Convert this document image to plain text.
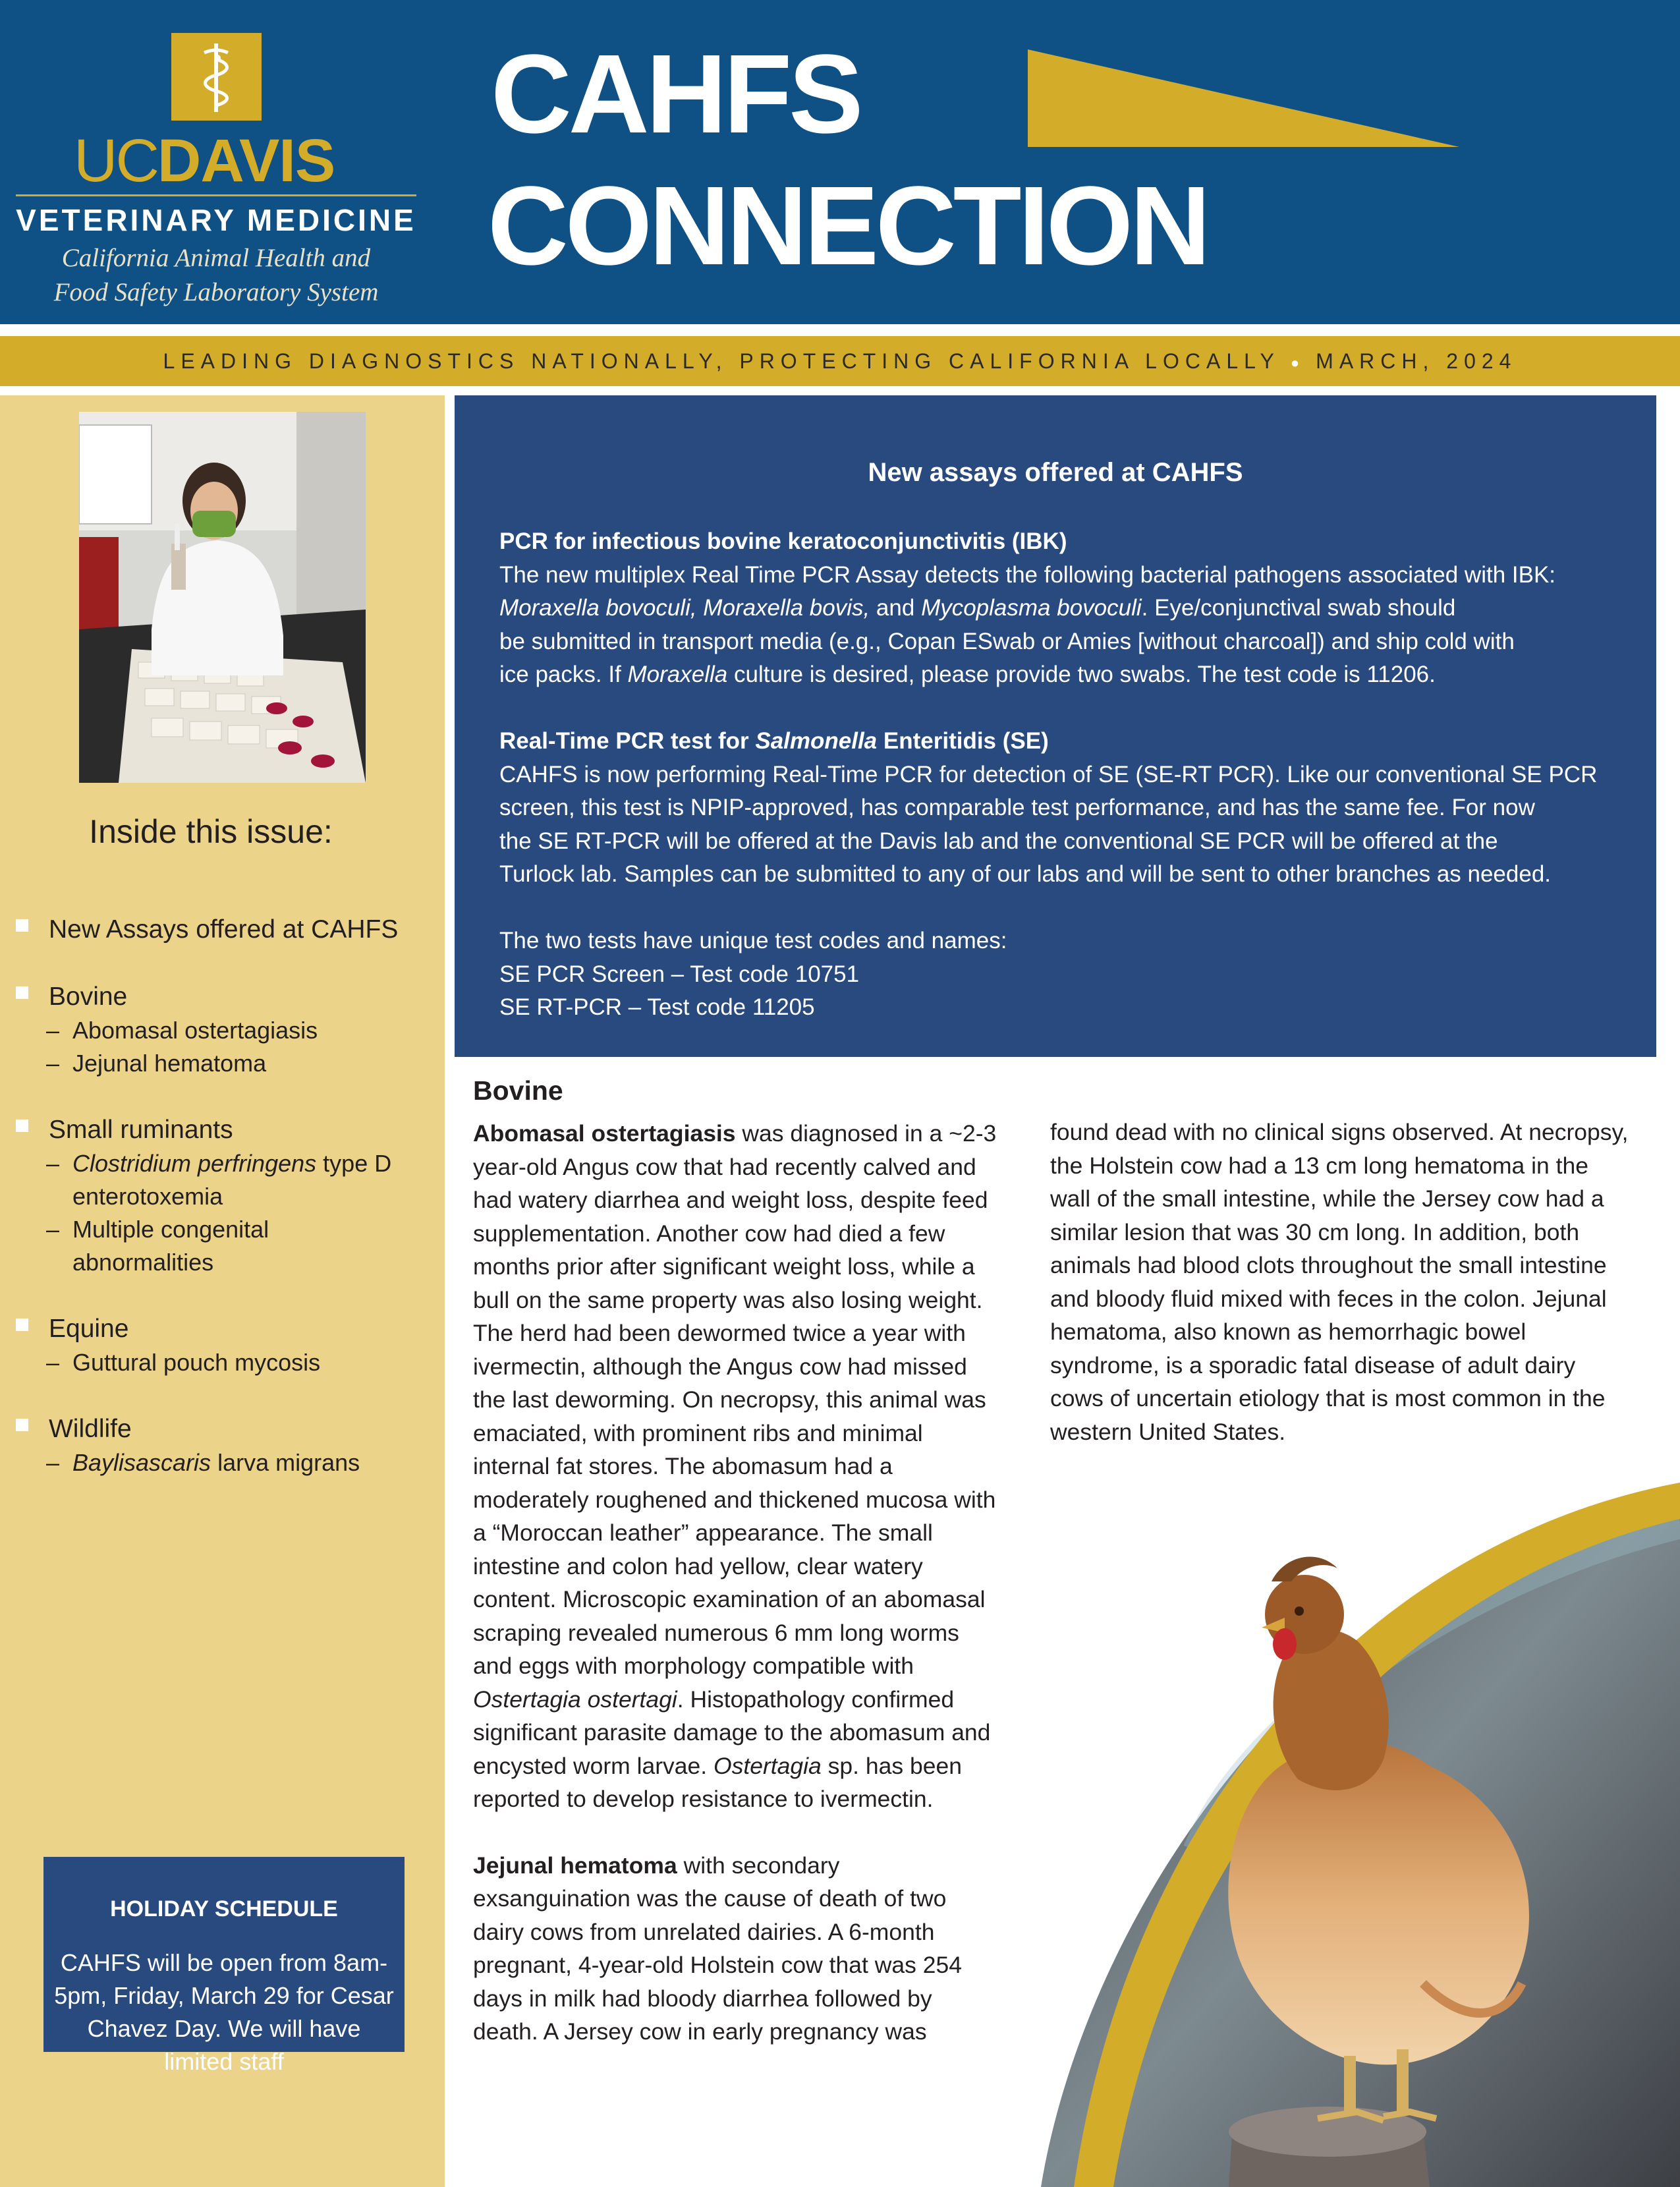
UCDAVIS
VETERINARY MEDICINE
California Animal Health and
Food Safety Laboratory System
CAHFS
CONNECTION
LEADING DIAGNOSTICS NATIONALLY, PROTECTING CALIFORNIA LOCALLY ● MARCH, 2024
Inside this issue:
New Assays offered at CAHFS
Bovine
– Abomasal ostertagiasis
– Jejunal hematoma
Small ruminants
– Clostridium perfringens type D
enterotoxemia
– Multiple congenital
abnormalities
Equine
– Guttural pouch mycosis
Wildlife
– Baylisascaris larva migrans
HOLIDAY SCHEDULE
CAHFS will be open from 8am-5pm, Friday, March 29 for Cesar Chavez Day. We will have limited staff
New assays offered at CAHFS

PCR for infectious bovine keratoconjunctivitis (IBK)

The new multiplex Real Time PCR Assay detects the following bacterial pathogens associated with IBK:

Moraxella bovoculi, Moraxella bovis, and Mycoplasma bovoculi. Eye/conjunctival swab should

be submitted in transport media (e.g., Copan ESwab or Amies [without charcoal]) and ship cold with

ice packs. If Moraxella culture is desired, please provide two swabs. The test code is 11206.

Real-Time PCR test for Salmonella Enteritidis (SE)

CAHFS is now performing Real-Time PCR for detection of SE (SE-RT PCR). Like our conventional SE PCR

screen, this test is NPIP-approved, has comparable test performance, and has the same fee. For now

the SE RT-PCR will be offered at the Davis lab and the conventional SE PCR will be offered at the

Turlock lab. Samples can be submitted to any of our labs and will be sent to other branches as needed.

The two tests have unique test codes and names:

SE PCR Screen – Test code 10751

SE RT-PCR – Test code 11205

Bovine

Abomasal ostertagiasis was diagnosed in a ~2-3 year-old Angus cow that had recently calved and had watery diarrhea and weight loss, despite feed supplementation. Another cow had died a few months prior after significant weight loss, while a bull on the same property was also losing weight. The herd had been dewormed twice a year with ivermectin, although the Angus cow had missed the last deworming. On necropsy, this animal was emaciated, with prominent ribs and minimal internal fat stores. The abomasum had a moderately roughened and thickened mucosa with a “Moroccan leather” appearance. The small intestine and colon had yellow, clear watery content. Microscopic examination of an abomasal scraping revealed numerous 6 mm long worms and eggs with morphology compatible with Ostertagia ostertagi. Histopathology confirmed significant parasite damage to the abomasum and encysted worm larvae. Ostertagia sp. has been reported to develop resistance to ivermectin.

Jejunal hematoma with secondary exsanguination was the cause of death of two dairy cows from unrelated dairies. A 6-month pregnant, 4-year-old Holstein cow that was 254 days in milk had bloody diarrhea followed by death. A Jersey cow in early pregnancy was

found dead with no clinical signs observed. At necropsy, the Holstein cow had a 13 cm long hematoma in the wall of the small intestine, while the Jersey cow had a similar lesion that was 30 cm long. In addition, both animals had blood clots throughout the small intestine and bloody fluid mixed with feces in the colon. Jejunal hematoma, also known as hemorrhagic bowel syndrome, is a sporadic fatal disease of adult dairy cows of uncertain etiology that is most common in the western United States.
